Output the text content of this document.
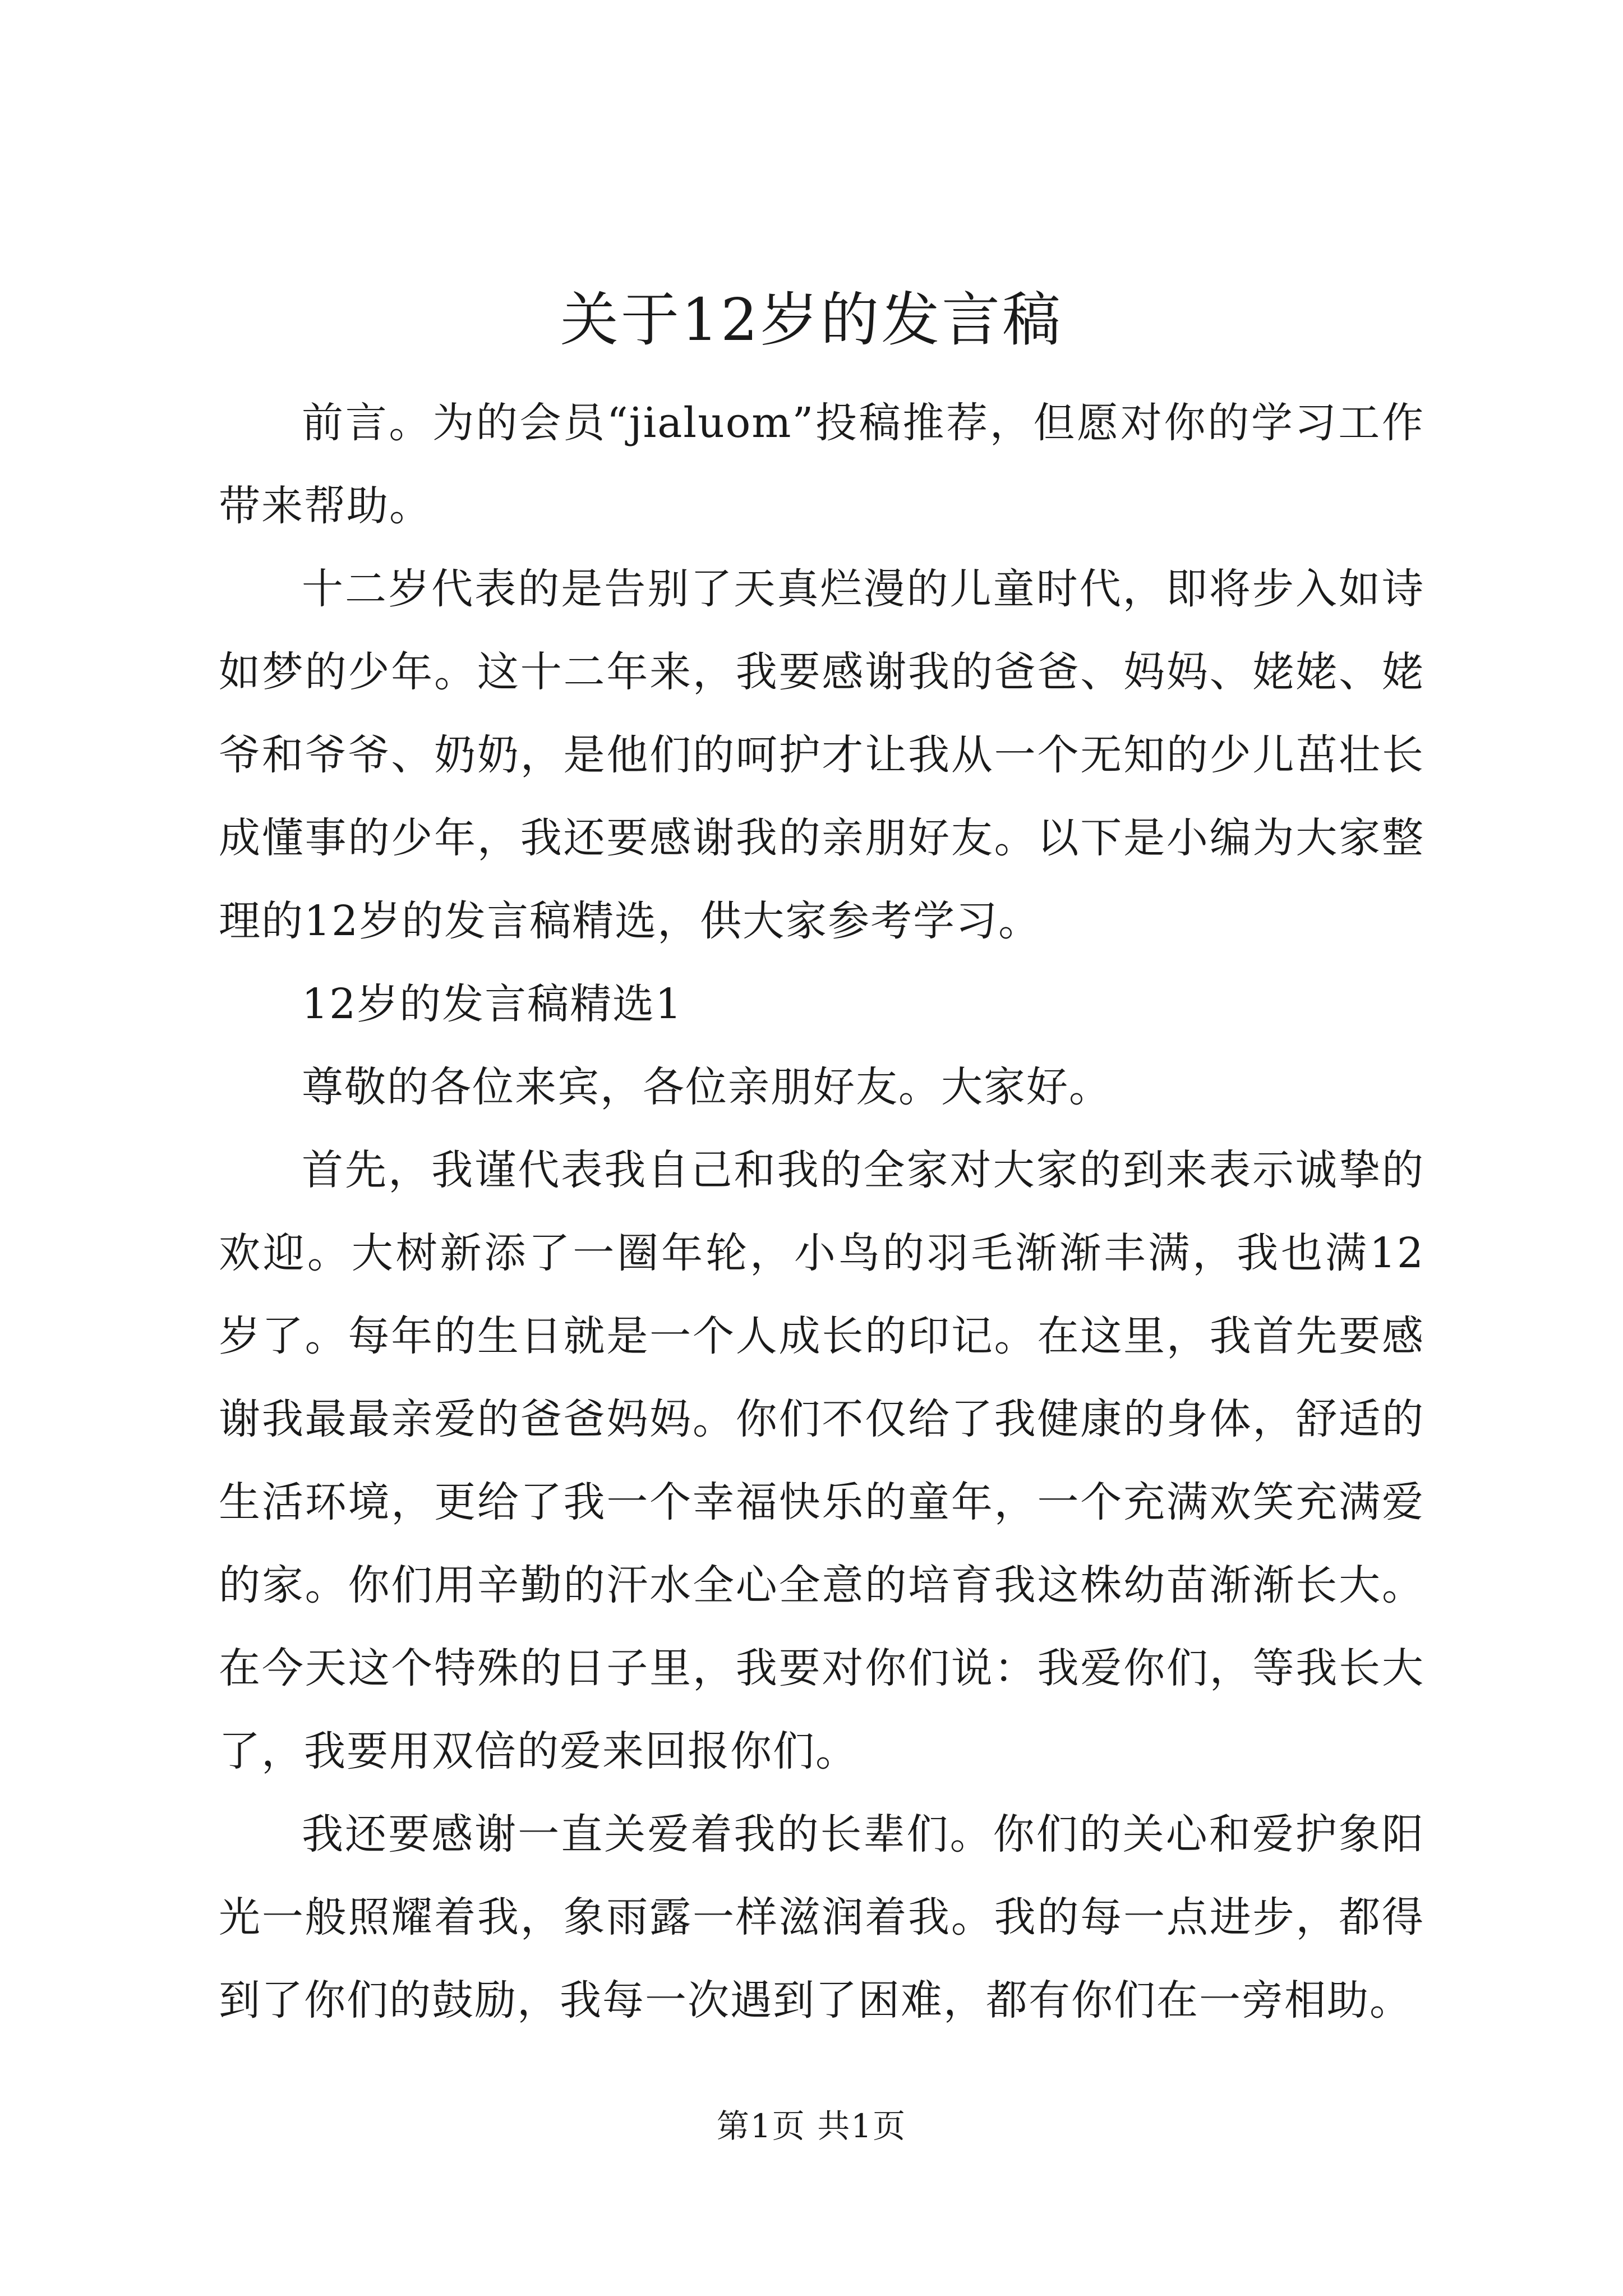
关于12岁的发言稿

前言。为的会员“jialuom”投稿推荐，但愿对你的学习工作带来帮助。

十二岁代表的是告别了天真烂漫的儿童时代，即将步入如诗如梦的少年。这十二年来，我要感谢我的爸爸、妈妈、姥姥、姥爷和爷爷、奶奶，是他们的呵护才让我从一个无知的少儿茁壮长成懂事的少年，我还要感谢我的亲朋好友。以下是小编为大家整理的12岁的发言稿精选，供大家参考学习。

12岁的发言稿精选1

尊敬的各位来宾，各位亲朋好友。大家好。

首先，我谨代表我自己和我的全家对大家的到来表示诚挚的欢迎。大树新添了一圈年轮，小鸟的羽毛渐渐丰满，我也满12岁了。每年的生日就是一个人成长的印记。在这里，我首先要感谢我最最亲爱的爸爸妈妈。你们不仅给了我健康的身体，舒适的生活环境，更给了我一个幸福快乐的童年，一个充满欢笑充满爱的家。你们用辛勤的汗水全心全意的培育我这株幼苗渐渐长大。在今天这个特殊的日子里，我要对你们说：我爱你们，等我长大了，我要用双倍的爱来回报你们。

我还要感谢一直关爱着我的长辈们。你们的关心和爱护象阳光一般照耀着我，象雨露一样滋润着我。我的每一点进步，都得到了你们的鼓励，我每一次遇到了困难，都有你们在一旁相助。

第1页 共1页
